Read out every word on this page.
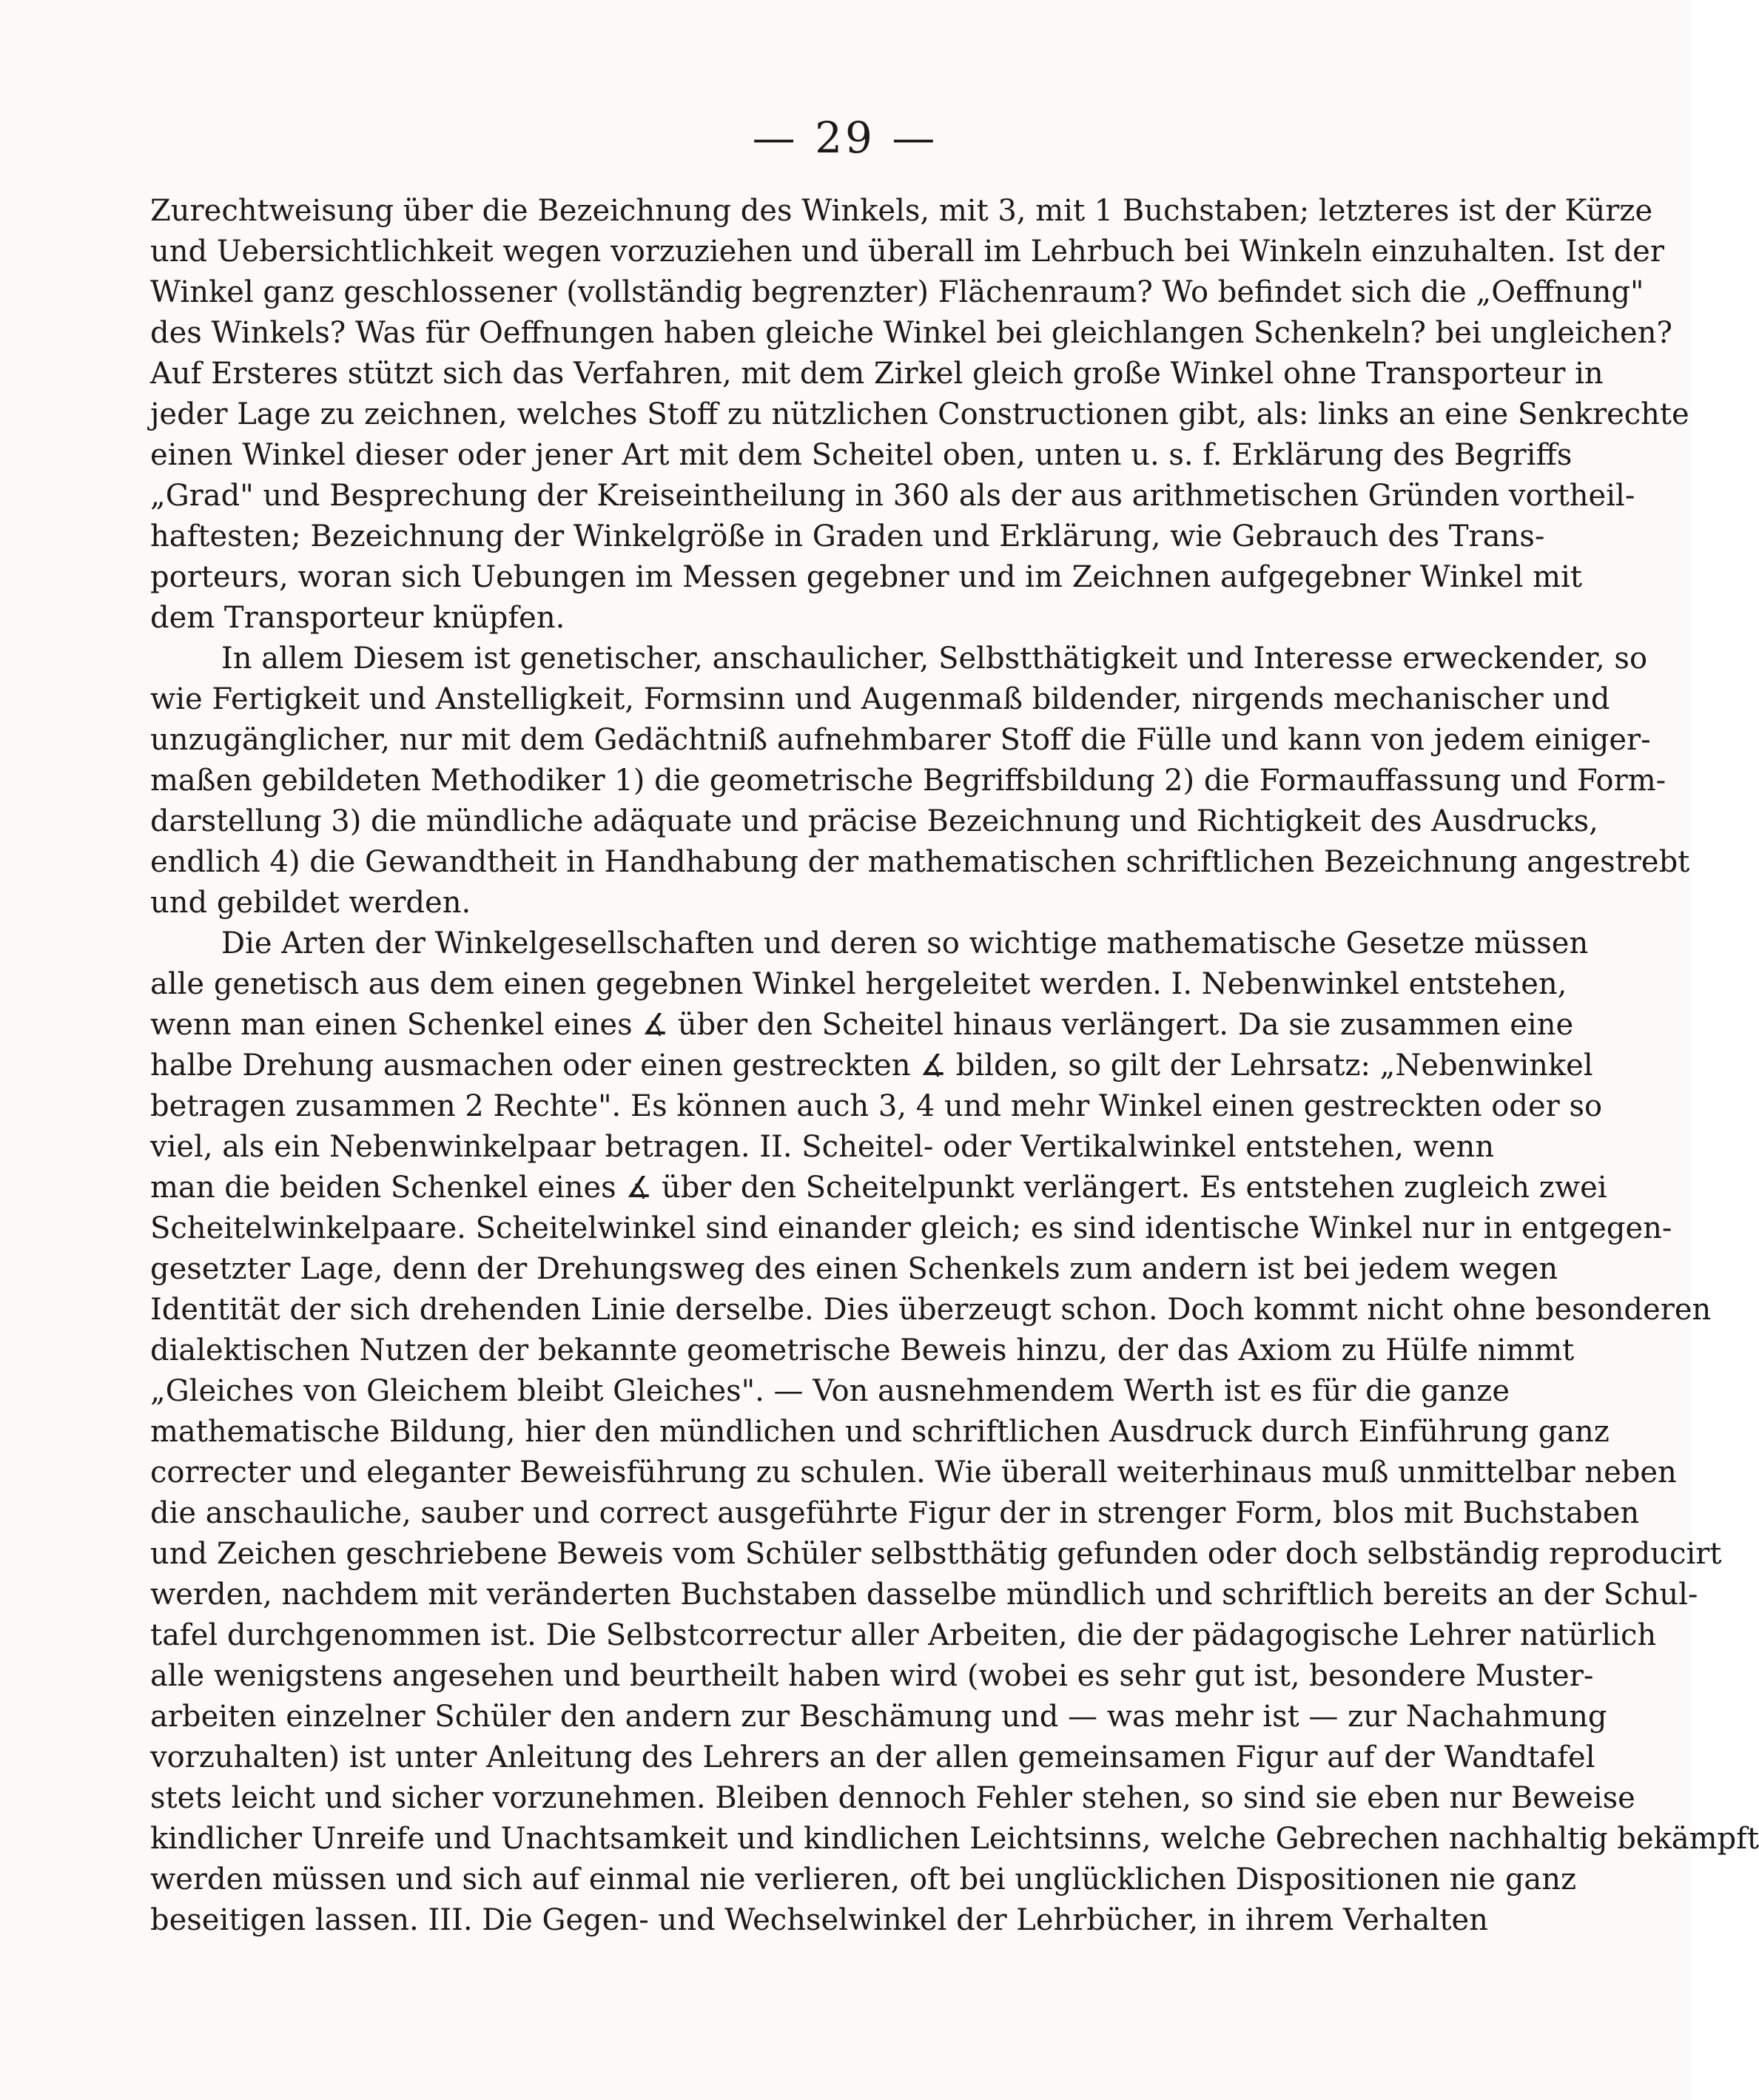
— 29 —
Zurechtweisung über die Bezeichnung des Winkels, mit 3, mit 1 Buchstaben; letzteres ist der Kürze
und Uebersichtlichkeit wegen vorzuziehen und überall im Lehrbuch bei Winkeln einzuhalten. Ist der
Winkel ganz geschlossener (vollständig begrenzter) Flächenraum? Wo befindet sich die „Oeffnung"
des Winkels? Was für Oeffnungen haben gleiche Winkel bei gleichlangen Schenkeln? bei ungleichen?
Auf Ersteres stützt sich das Verfahren, mit dem Zirkel gleich große Winkel ohne Transporteur in
jeder Lage zu zeichnen, welches Stoff zu nützlichen Constructionen gibt, als: links an eine Senkrechte
einen Winkel dieser oder jener Art mit dem Scheitel oben, unten u. s. f. Erklärung des Begriffs
„Grad" und Besprechung der Kreiseintheilung in 360 als der aus arithmetischen Gründen vortheil-
haftesten; Bezeichnung der Winkelgröße in Graden und Erklärung, wie Gebrauch des Trans-
porteurs, woran sich Uebungen im Messen gegebner und im Zeichnen aufgegebner Winkel mit
dem Transporteur knüpfen.
In allem Diesem ist genetischer, anschaulicher, Selbstthätigkeit und Interesse erweckender, so
wie Fertigkeit und Anstelligkeit, Formsinn und Augenmaß bildender, nirgends mechanischer und
unzugänglicher, nur mit dem Gedächtniß aufnehmbarer Stoff die Fülle und kann von jedem einiger-
maßen gebildeten Methodiker 1) die geometrische Begriffsbildung 2) die Formauffassung und Form-
darstellung 3) die mündliche adäquate und präcise Bezeichnung und Richtigkeit des Ausdrucks,
endlich 4) die Gewandtheit in Handhabung der mathematischen schriftlichen Bezeichnung angestrebt
und gebildet werden.
Die Arten der Winkelgesellschaften und deren so wichtige mathematische Gesetze müssen
alle genetisch aus dem einen gegebnen Winkel hergeleitet werden. I. Nebenwinkel entstehen,
wenn man einen Schenkel eines ∡ über den Scheitel hinaus verlängert. Da sie zusammen eine
halbe Drehung ausmachen oder einen gestreckten ∡ bilden, so gilt der Lehrsatz: „Nebenwinkel
betragen zusammen 2 Rechte". Es können auch 3, 4 und mehr Winkel einen gestreckten oder so
viel, als ein Nebenwinkelpaar betragen. II. Scheitel- oder Vertikalwinkel entstehen, wenn
man die beiden Schenkel eines ∡ über den Scheitelpunkt verlängert. Es entstehen zugleich zwei
Scheitelwinkelpaare. Scheitelwinkel sind einander gleich; es sind identische Winkel nur in entgegen-
gesetzter Lage, denn der Drehungsweg des einen Schenkels zum andern ist bei jedem wegen
Identität der sich drehenden Linie derselbe. Dies überzeugt schon. Doch kommt nicht ohne besonderen
dialektischen Nutzen der bekannte geometrische Beweis hinzu, der das Axiom zu Hülfe nimmt
„Gleiches von Gleichem bleibt Gleiches". — Von ausnehmendem Werth ist es für die ganze
mathematische Bildung, hier den mündlichen und schriftlichen Ausdruck durch Einführung ganz
correcter und eleganter Beweisführung zu schulen. Wie überall weiterhinaus muß unmittelbar neben
die anschauliche, sauber und correct ausgeführte Figur der in strenger Form, blos mit Buchstaben
und Zeichen geschriebene Beweis vom Schüler selbstthätig gefunden oder doch selbständig reproducirt
werden, nachdem mit veränderten Buchstaben dasselbe mündlich und schriftlich bereits an der Schul-
tafel durchgenommen ist. Die Selbstcorrectur aller Arbeiten, die der pädagogische Lehrer natürlich
alle wenigstens angesehen und beurtheilt haben wird (wobei es sehr gut ist, besondere Muster-
arbeiten einzelner Schüler den andern zur Beschämung und — was mehr ist — zur Nachahmung
vorzuhalten) ist unter Anleitung des Lehrers an der allen gemeinsamen Figur auf der Wandtafel
stets leicht und sicher vorzunehmen. Bleiben dennoch Fehler stehen, so sind sie eben nur Beweise
kindlicher Unreife und Unachtsamkeit und kindlichen Leichtsinns, welche Gebrechen nachhaltig bekämpft
werden müssen und sich auf einmal nie verlieren, oft bei unglücklichen Dispositionen nie ganz
beseitigen lassen. III. Die Gegen- und Wechselwinkel der Lehrbücher, in ihrem Verhalten
